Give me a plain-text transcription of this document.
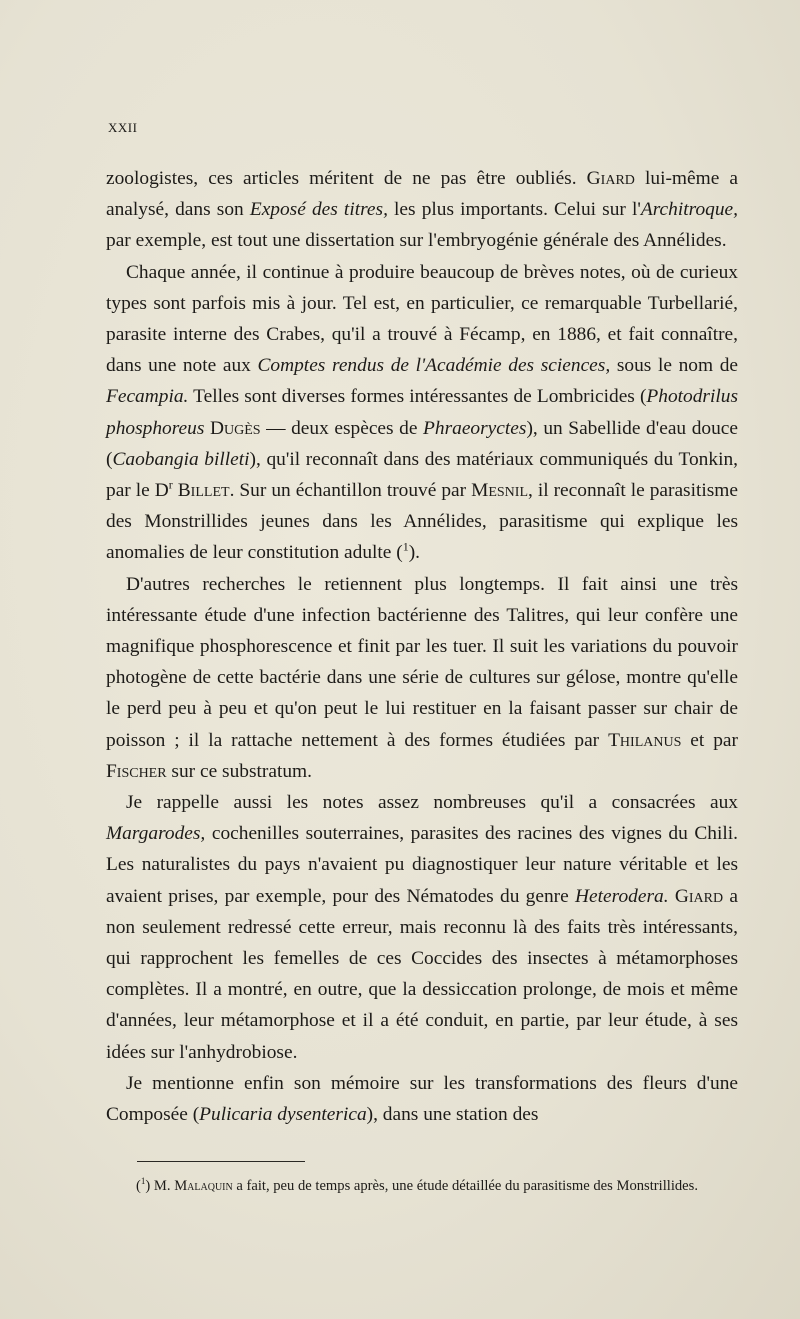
XXII

zoologistes, ces articles méritent de ne pas être oubliés. Giard lui-même a analysé, dans son Exposé des titres, les plus importants. Celui sur l'Architroque, par exemple, est tout une dissertation sur l'embryogénie générale des Annélides.

Chaque année, il continue à produire beaucoup de brèves notes, où de curieux types sont parfois mis à jour. Tel est, en particulier, ce remarquable Turbellarié, parasite interne des Crabes, qu'il a trouvé à Fécamp, en 1886, et fait connaître, dans une note aux Comptes rendus de l'Académie des sciences, sous le nom de Fecampia. Telles sont diverses formes intéressantes de Lombricides (Photodrilus phosphoreus Dugès — deux espèces de Phraeoryctes), un Sabellide d'eau douce (Caobangia billeti), qu'il reconnaît dans des matériaux communiqués du Tonkin, par le $D^r$ Billet. Sur un échantillon trouvé par Mesnil, il reconnaît le parasitisme des Monstrillides jeunes dans les Annélides, parasitisme qui explique les anomalies de leur constitution adulte ($^1$).

D'autres recherches le retiennent plus longtemps. Il fait ainsi une très intéressante étude d'une infection bactérienne des Talitres, qui leur confère une magnifique phosphorescence et finit par les tuer. Il suit les variations du pouvoir photogène de cette bactérie dans une série de cultures sur gélose, montre qu'elle le perd peu à peu et qu'on peut le lui restituer en la faisant passer sur chair de poisson ; il la rattache nettement à des formes étudiées par Thilanus et par Fischer sur ce substratum.

Je rappelle aussi les notes assez nombreuses qu'il a consacrées aux Margarodes, cochenilles souterraines, parasites des racines des vignes du Chili. Les naturalistes du pays n'avaient pu diagnostiquer leur nature véritable et les avaient prises, par exemple, pour des Nématodes du genre Heterodera. Giard a non seulement redressé cette erreur, mais reconnu là des faits très intéressants, qui rapprochent les femelles de ces Coccides des insectes à métamorphoses complètes. Il a montré, en outre, que la dessiccation prolonge, de mois et même d'années, leur métamorphose et il a été conduit, en partie, par leur étude, à ses idées sur l'anhydrobiose.

Je mentionne enfin son mémoire sur les transformations des fleurs d'une Composée (Pulicaria dysenterica), dans une station des

($^1$) M. Malaquin a fait, peu de temps après, une étude détaillée du parasitisme des Monstrillides.
